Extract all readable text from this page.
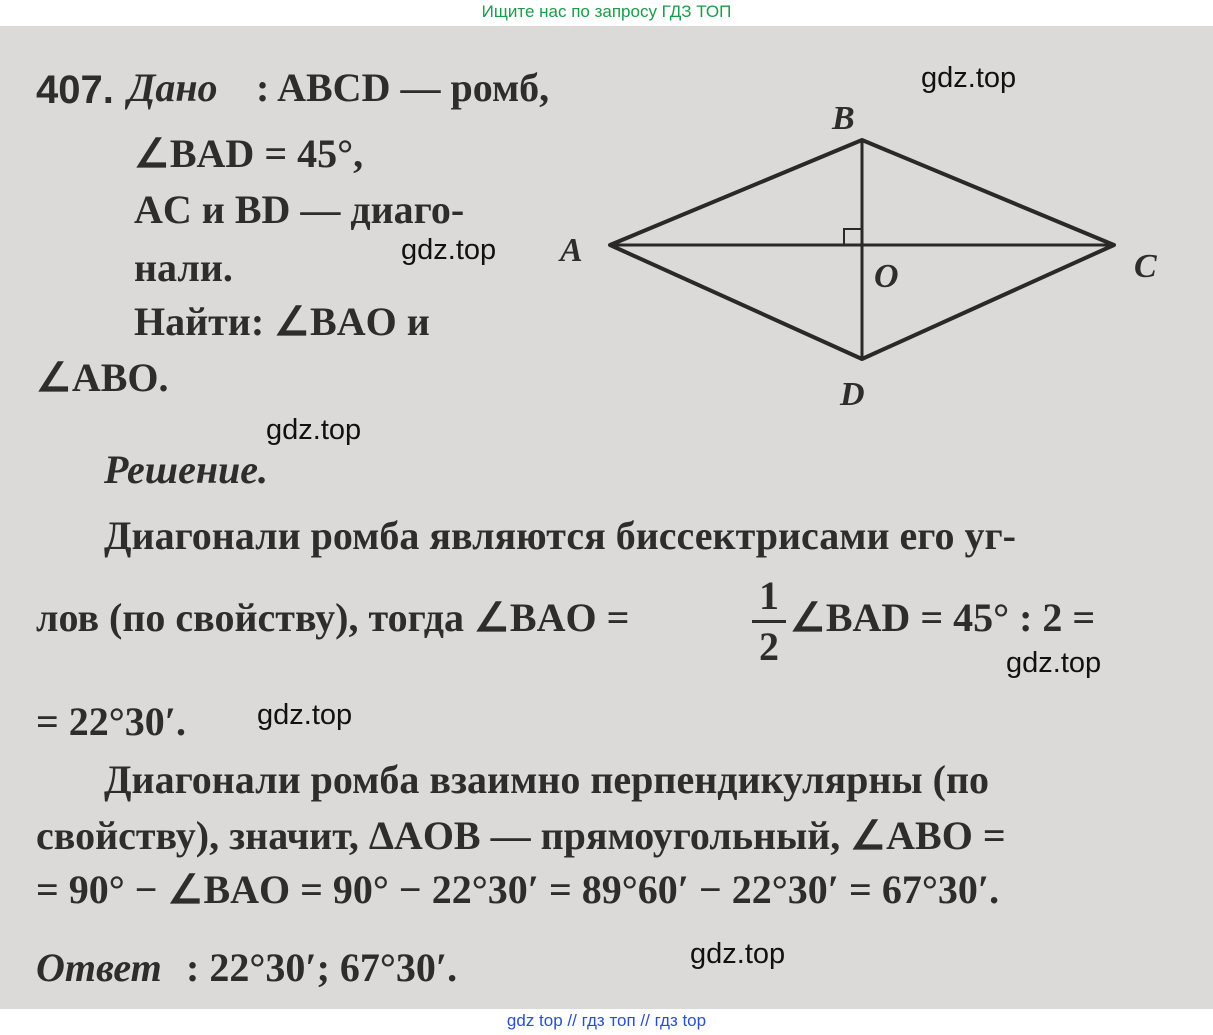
Ищите нас по запросу ГДЗ ТОП
407. Дано : ABCD — ромб,
∠BAD = 45°,
AC и BD — диаго-
нали.
Найти: ∠BAO и
∠ABO.
A
B
C
D
O
Решение.
Диагонали ромба являются биссектрисами его уг-
лов (по свойству), тогда ∠BAO =	1
2
∠BAD = 45° : 2 =
= 22°30′.
Диагонали ромба взаимно перпендикулярны (по
свойству), значит, ΔAOB — прямоугольный, ∠ABO =
= 90° − ∠BAO = 90° − 22°30′ = 89°60′ − 22°30′ = 67°30′.
Ответ : 22°30′; 67°30′.
gdz.top
gdz.top
gdz.top
gdz.top
gdz.top
gdz.top
gdz top // гдз топ // гдз top
